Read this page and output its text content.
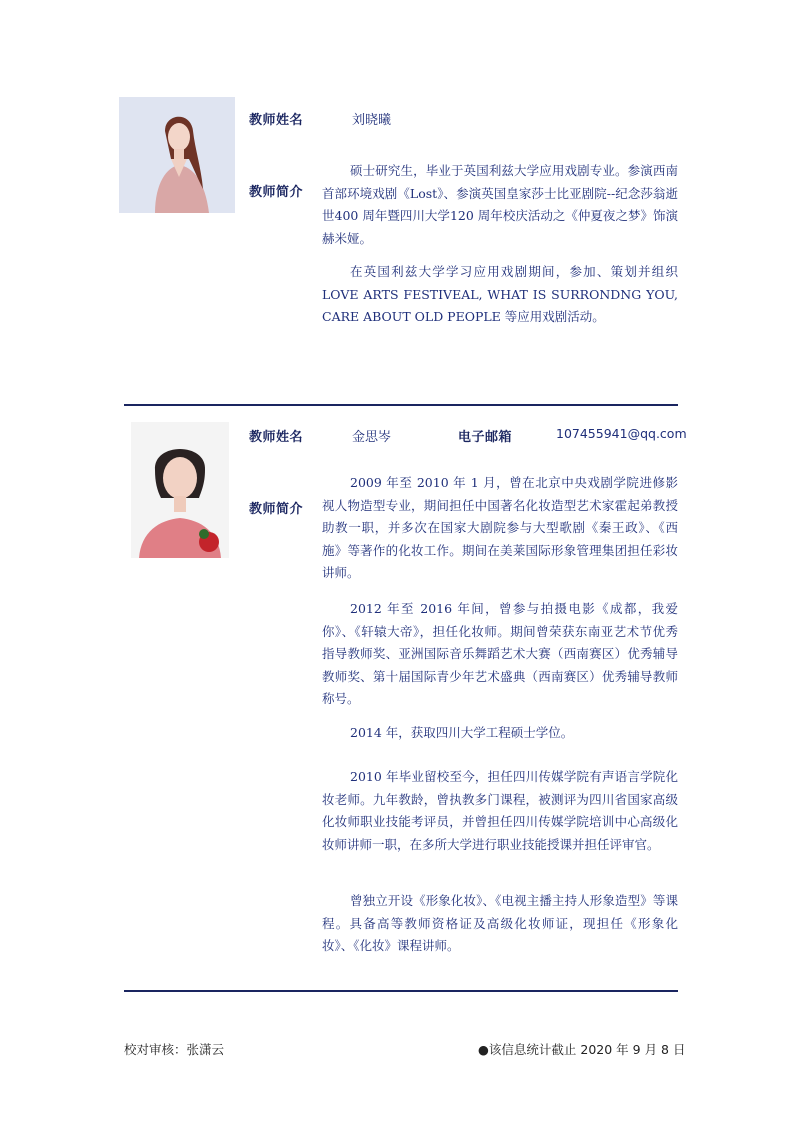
教师姓名	刘晓曦
教师简介
硕士研究生，毕业于英国利兹大学应用戏剧专业。参演西南首部环境戏剧《Lost》、参演英国皇家莎士比亚剧院--纪念莎翁逝世400 周年暨四川大学120 周年校庆活动之《仲夏夜之梦》饰演赫米娅。
在英国利兹大学学习应用戏剧期间，参加、策划并组织LOVE ARTS FESTIVEAL, WHAT IS SURRONDNG YOU, CARE ABOUT OLD PEOPLE 等应用戏剧活动。
教师姓名	金思岑	电子邮箱	107455941@qq.com
教师简介
2009 年至 2010 年 1 月，曾在北京中央戏剧学院进修影视人物造型专业，期间担任中国著名化妆造型艺术家霍起弟教授助教一职，并多次在国家大剧院参与大型歌剧《秦王政》、《西施》等著作的化妆工作。期间在美莱国际形象管理集团担任彩妆讲师。
2012 年至 2016 年间，曾参与拍摄电影《成都，我爱你》、《轩辕大帝》，担任化妆师。期间曾荣获东南亚艺术节优秀指导教师奖、亚洲国际音乐舞蹈艺术大赛（西南赛区）优秀辅导教师奖、第十届国际青少年艺术盛典（西南赛区）优秀辅导教师称号。
2014 年，获取四川大学工程硕士学位。
2010 年毕业留校至今，担任四川传媒学院有声语言学院化妆老师。九年教龄，曾执教多门课程，被测评为四川省国家高级化妆师职业技能考评员，并曾担任四川传媒学院培训中心高级化妆师讲师一职，在多所大学进行职业技能授课并担任评审官。
曾独立开设《形象化妆》、《电视主播主持人形象造型》等课程。具备高等教师资格证及高级化妆师证，现担任《形象化妆》、《化妆》课程讲师。
校对审核：张潇云	●该信息统计截止 2020 年 9 月 8 日
